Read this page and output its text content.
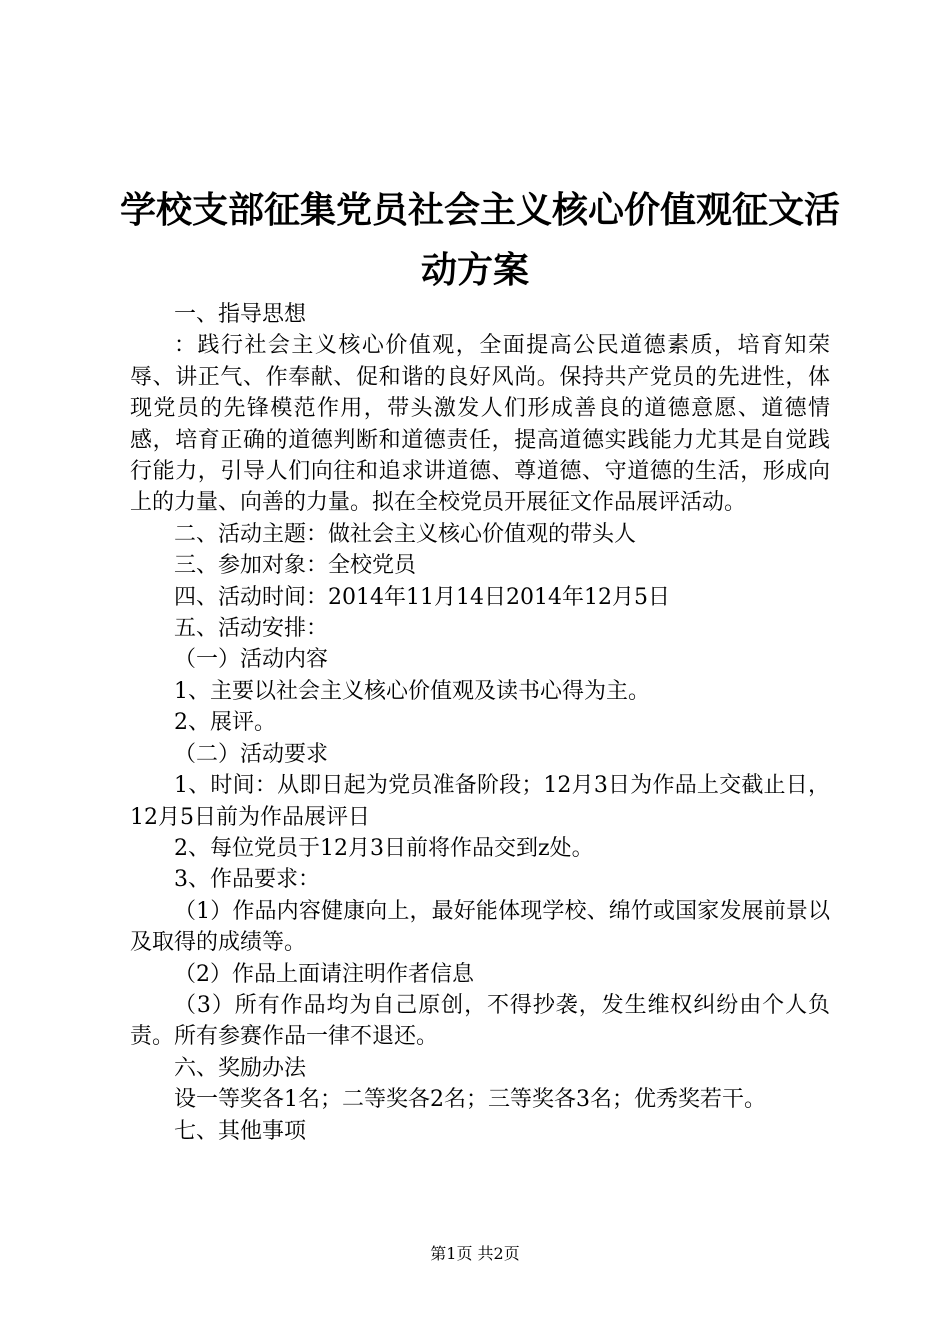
学校支部征集党员社会主义核心价值观征文活
动方案

一、指导思想

：践行社会主义核心价值观，全面提高公民道德素质，培育知荣辱、讲正气、作奉献、促和谐的良好风尚。保持共产党员的先进性，体现党员的先锋模范作用，带头激发人们形成善良的道德意愿、道德情感，培育正确的道德判断和道德责任，提高道德实践能力尤其是自觉践行能力，引导人们向往和追求讲道德、尊道德、守道德的生活，形成向上的力量、向善的力量。拟在全校党员开展征文作品展评活动。

二、活动主题：做社会主义核心价值观的带头人

三、参加对象：全校党员

四、活动时间：2014年11月14日2014年12月5日

五、活动安排：

（一）活动内容

1、主要以社会主义核心价值观及读书心得为主。

2、展评。

（二）活动要求

1、时间：从即日起为党员准备阶段；12月3日为作品上交截止日，12月5日前为作品展评日

2、每位党员于12月3日前将作品交到z处。

3、作品要求：

（1）作品内容健康向上，最好能体现学校、绵竹或国家发展前景以及取得的成绩等。

（2）作品上面请注明作者信息

（3）所有作品均为自己原创，不得抄袭，发生维权纠纷由个人负责。所有参赛作品一律不退还。

六、奖励办法

设一等奖各1名；二等奖各2名；三等奖各3名；优秀奖若干。

七、其他事项

第1页 共2页
